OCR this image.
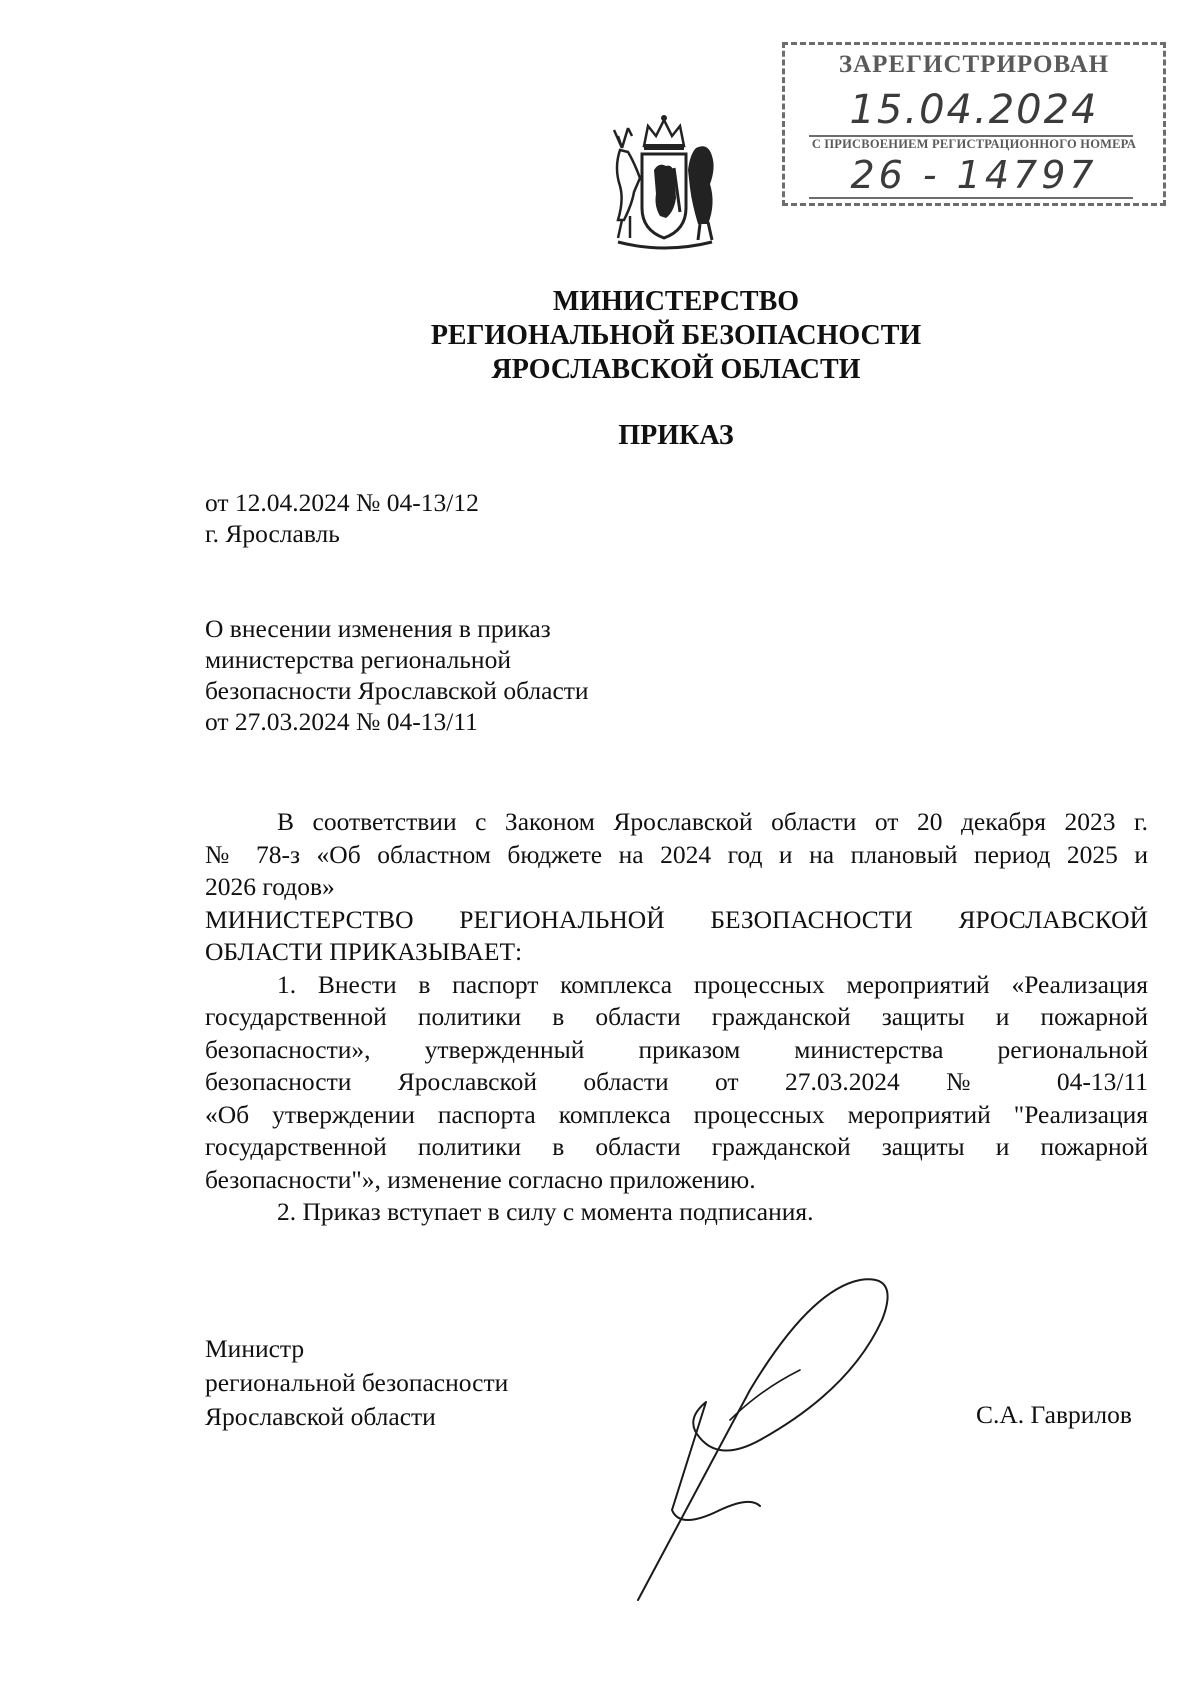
ЗАРЕГИСТРИРОВАН
15.04.2024
С ПРИСВОЕНИЕМ РЕГИСТРАЦИОННОГО НОМЕРА
26 - 14797
МИНИСТЕРСТВО
РЕГИОНАЛЬНОЙ БЕЗОПАСНОСТИ
ЯРОСЛАВСКОЙ ОБЛАСТИ
ПРИКАЗ
от 12.04.2024 № 04-13/12
г. Ярославль
О внесении изменения в приказ
министерства региональной
безопасности Ярославской области
от 27.03.2024 № 04-13/11
В соответствии с Законом Ярославской области от 20 декабря 2023 г.
№ 78-з «Об областном бюджете на 2024 год и на плановый период 2025 и
2026 годов»
МИНИСТЕРСТВО РЕГИОНАЛЬНОЙ БЕЗОПАСНОСТИ ЯРОСЛАВСКОЙ
ОБЛАСТИ ПРИКАЗЫВАЕТ:
1. Внести в паспорт комплекса процессных мероприятий «Реализация
государственной политики в области гражданской защиты и пожарной
безопасности», утвержденный приказом министерства региональной
безопасности Ярославской области от 27.03.2024 № 04-13/11
«Об утверждении паспорта комплекса процессных мероприятий "Реализация
государственной политики в области гражданской защиты и пожарной
безопасности"», изменение согласно приложению.
2. Приказ вступает в силу с момента подписания.
Министр
региональной безопасности
Ярославской области	С.А. Гаврилов
